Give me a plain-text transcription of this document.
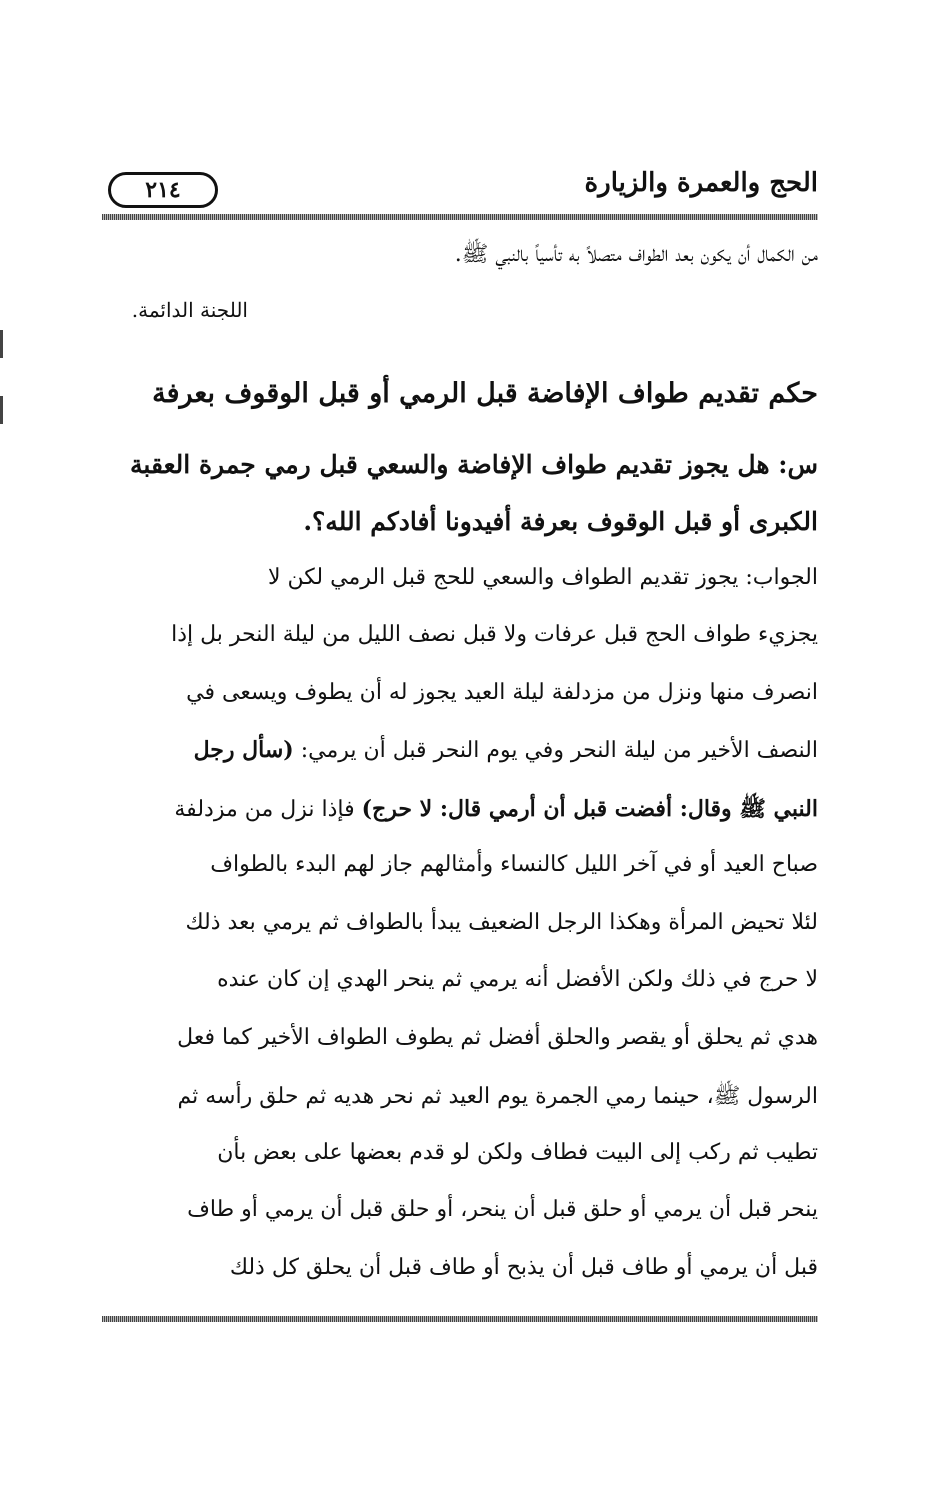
٢١٤	الحج والعمرة والزيارة
من الكمال أن يكون بعد الطواف متصلاً به تأسياً بالنبي ﷺ.
اللجنة الدائمة.
حكم تقديم طواف الإفاضة قبل الرمي أو قبل الوقوف بعرفة
س: هل يجوز تقديم طواف الإفاضة والسعي قبل رمي جمرة العقبة
الكبرى أو قبل الوقوف بعرفة أفيدونا أفادكم الله؟.
الجواب: يجوز تقديم الطواف والسعي للحج قبل الرمي لكن لا
يجزيء طواف الحج قبل عرفات ولا قبل نصف الليل من ليلة النحر بل إذا
انصرف منها ونزل من مزدلفة ليلة العيد يجوز له أن يطوف ويسعى في
النصف الأخير من ليلة النحر وفي يوم النحر قبل أن يرمي: (سأل رجل
النبي ﷺ وقال: أفضت قبل أن أرمي قال: لا حرج) فإذا نزل من مزدلفة
صباح العيد أو في آخر الليل كالنساء وأمثالهم جاز لهم البدء بالطواف
لئلا تحيض المرأة وهكذا الرجل الضعيف يبدأ بالطواف ثم يرمي بعد ذلك
لا حرج في ذلك ولكن الأفضل أنه يرمي ثم ينحر الهدي إن كان عنده
هدي ثم يحلق أو يقصر والحلق أفضل ثم يطوف الطواف الأخير كما فعل
الرسول ﷺ، حينما رمي الجمرة يوم العيد ثم نحر هديه ثم حلق رأسه ثم
تطيب ثم ركب إلى البيت فطاف ولكن لو قدم بعضها على بعض بأن
ينحر قبل أن يرمي أو حلق قبل أن ينحر، أو حلق قبل أن يرمي أو طاف
قبل أن يرمي أو طاف قبل أن يذبح أو طاف قبل أن يحلق كل ذلك
